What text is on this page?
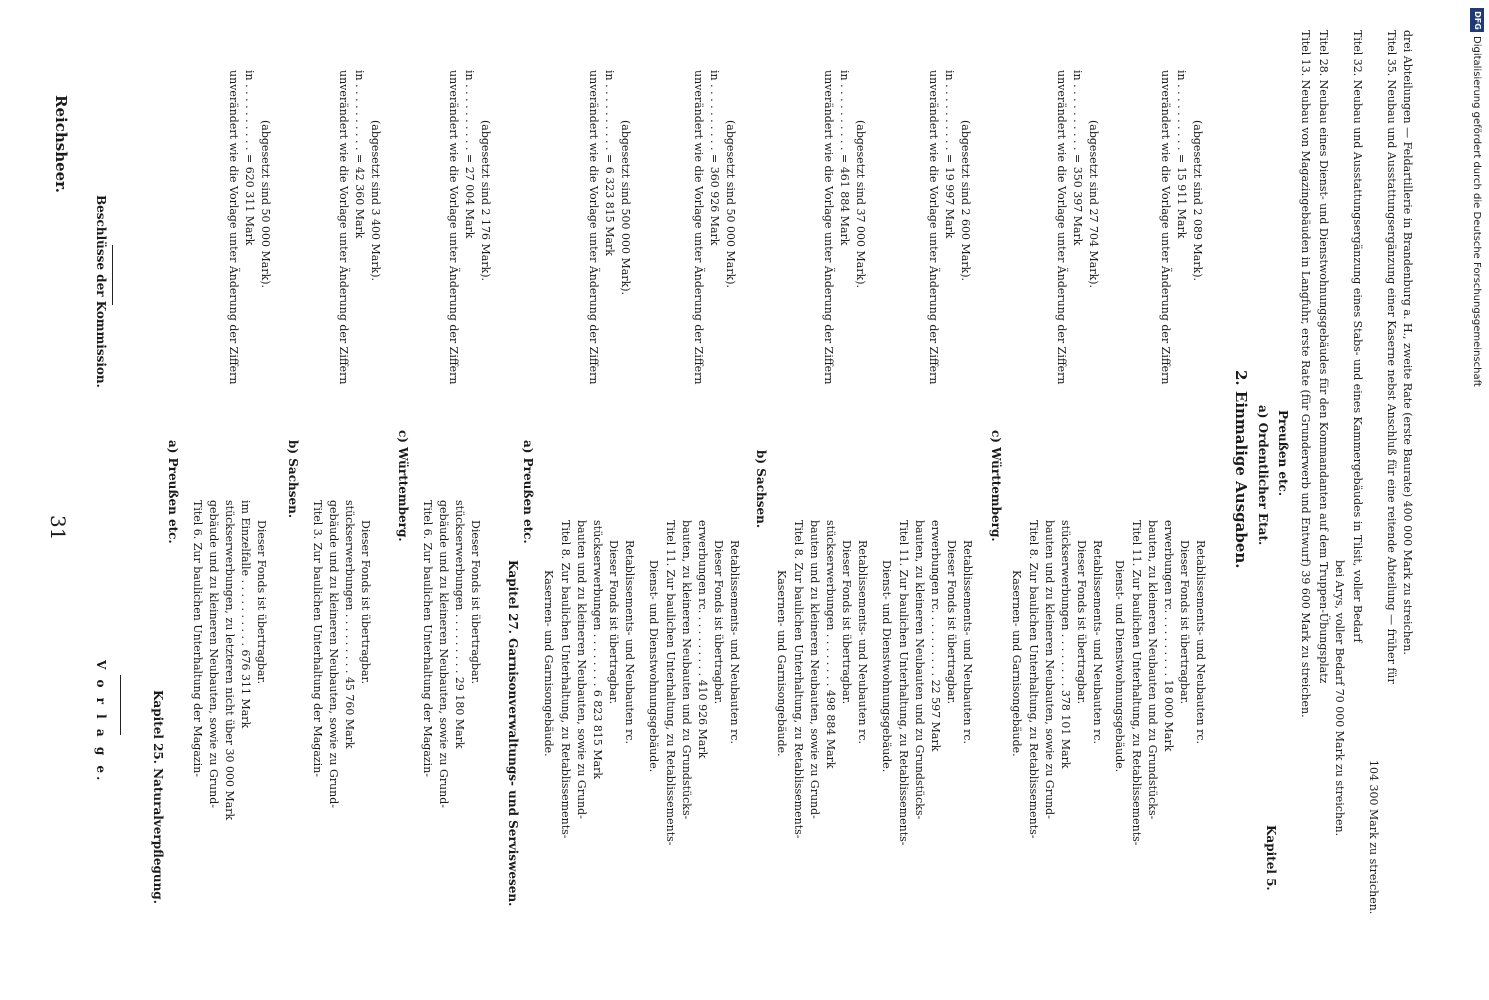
Reichsheer.
31
Beschlüsse der Kommission.
V o r l a g e.	Kapitel 25. Naturalverpflegung.
a) Preußen etc.
Titel 6. Zur baulichen Unterhaltung der Magazin- gebäude und zu kleineren Neubauten, sowie zu Grund- stückserwerbungen, zu letzteren nicht über 30 000 Mark im Einzelfalle . . . . . . . . . . 676 311 Mark Dieser Fonds ist übertragbar.
unverändert wie die Vorlage unter Änderung der Ziffern in . . . . . . . . . . = 620 311 Mark (abgesetzt sind 50 000 Mark).
b) Sachsen.
Titel 3. Zur baulichen Unterhaltung der Magazin- gebäude und zu kleineren Neubauten, sowie zu Grund- stückserwerbungen . . . . . . . . . 45 760 Mark Dieser Fonds ist übertragbar.
unverändert wie die Vorlage unter Änderung der Ziffern in . . . . . . . . . . = 42 360 Mark (abgesetzt sind 3 400 Mark).
c) Württemberg.
Titel 6. Zur baulichen Unterhaltung der Magazin- gebäude und zu kleineren Neubauten, sowie zu Grund- stückserwerbungen . . . . . . . . . 29 180 Mark Dieser Fonds ist übertragbar.
unverändert wie die Vorlage unter Änderung der Ziffern in . . . . . . . . . . = 27 004 Mark (abgesetzt sind 2 176 Mark).
Kapitel 27. Garnisonverwaltungs- und Serviswesen.
a) Preußen etc.
Kasernen- und Garnisongebäude. Titel 8. Zur baulichen Unterhaltung, zu Retablissements- bauten und zu kleineren Neubauten, sowie zu Grund- stückserwerbungen . . . . . . . . 6 823 815 Mark Dieser Fonds ist übertragbar. Retablissements- und Neubauten rc.
unverändert wie die Vorlage unter Änderung der Ziffern in . . . . . . . . . . = 6 323 815 Mark (abgesetzt sind 500 000 Mark).
Dienst- und Dienstwohnungsgebäude. Titel 11. Zur baulichen Unterhaltung, zu Retablissements- bauten, zu kleineren Neubauten und zu Grundstücks- erwerbungen rc. . . . . . . . . . 410 926 Mark Dieser Fonds ist übertragbar. Retablissements- und Neubauten rc.
unverändert wie die Vorlage unter Änderung der Ziffern in . . . . . . . . . . = 360 926 Mark (abgesetzt sind 50 000 Mark).
b) Sachsen.
Kasernen- und Garnisongebäude. Titel 8. Zur baulichen Unterhaltung, zu Retablissements- bauten und zu kleineren Neubauten, sowie zu Grund- stückserwerbungen . . . . . . . . 498 884 Mark Dieser Fonds ist übertragbar. Retablissements- und Neubauten rc.
unverändert wie die Vorlage unter Änderung der Ziffern in . . . . . . . . . . = 461 884 Mark (abgesetzt sind 37 000 Mark).
Dienst- und Dienstwohnungsgebäude. Titel 11. Zur baulichen Unterhaltung, zu Retablissements- bauten, zu kleineren Neubauten und zu Grundstücks- erwerbungen rc. . . . . . . . . . 22 597 Mark Dieser Fonds ist übertragbar. Retablissements- und Neubauten rc.
unverändert wie die Vorlage unter Änderung der Ziffern in . . . . . . . . . . = 19 997 Mark (abgesetzt sind 2 600 Mark).
c) Württemberg.
Kasernen- und Garnisongebäude. Titel 8. Zur baulichen Unterhaltung, zu Retablissements- bauten und zu kleineren Neubauten, sowie zu Grund- stückserwerbungen . . . . . . . . 378 101 Mark Dieser Fonds ist übertragbar. Retablissements- und Neubauten rc.
unverändert wie die Vorlage unter Änderung der Ziffern in . . . . . . . . . . = 350 397 Mark (abgesetzt sind 27 704 Mark).
Dienst- und Dienstwohnungsgebäude. Titel 11. Zur baulichen Unterhaltung, zu Retablissements- bauten, zu kleineren Neubauten und zu Grundstücks- erwerbungen rc. . . . . . . . . . 18 000 Mark Dieser Fonds ist übertragbar. Retablissements- und Neubauten rc.
unverändert wie die Vorlage unter Änderung der Ziffern in . . . . . . . . . . = 15 911 Mark (abgesetzt sind 2 089 Mark).
2. Einmalige Ausgaben. a) Ordentlicher Etat. Preußen etc.
Kapitel 5.
Titel 13. Neubau von Magazingebäuden in Langfuhr, erste Rate (für Grunderwerb und Entwurf) 39 600 Mark zu streichen. Titel 28. Neubau eines Dienst- und Dienstwohnungsgebäudes für den Kommandanten auf dem Truppen-Übungsplatz
bei Arys, voller Bedarf 70 000 Mark zu streichen.
Titel 32. Neubau und Ausstattungsergänzung eines Stabs- und eines Kammergebäudes in Tilsit, voller Bedarf
104 300 Mark zu streichen.
Titel 35. Neubau und Ausstattungsergänzung einer Kaserne nebst Anschluß für eine reitende Abteilung — früher für drei Abteilungen — Feldartillerie in Brandenburg a. H., zweite Rate (erste Baurate) 400 000 Mark zu streichen.
DFG
Digitalisierung gefördert durch die Deutsche Forschungsgemeinschaft
